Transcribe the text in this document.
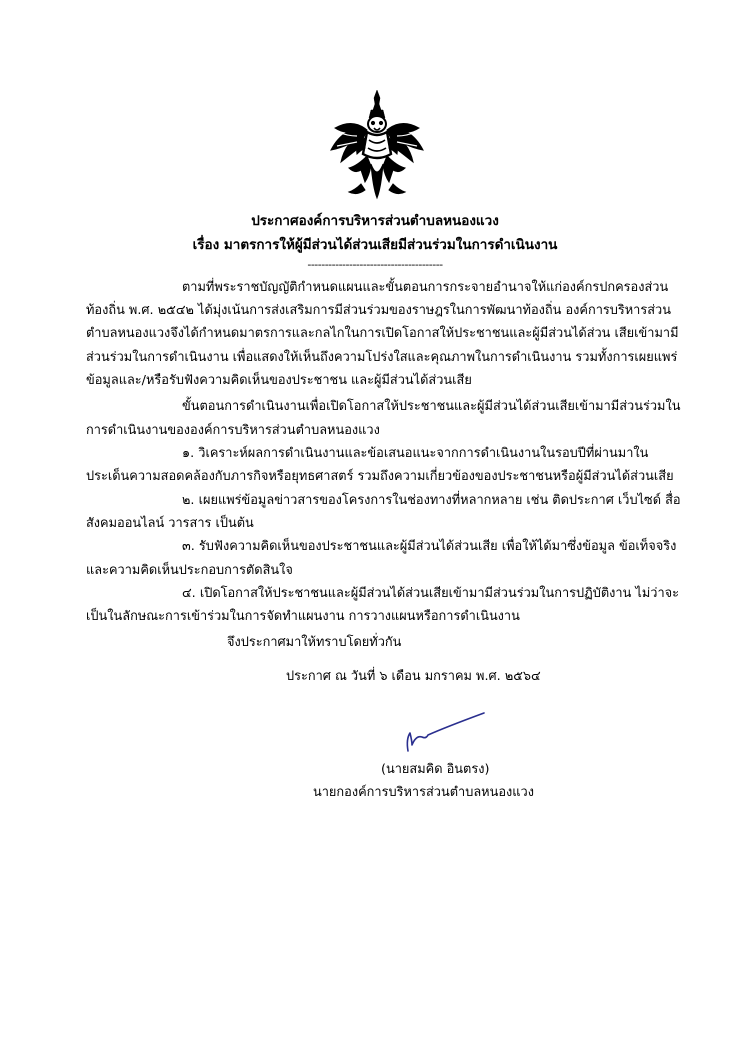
ประกาศองค์การบริหารส่วนตำบลหนองแวง
เรื่อง มาตรการให้ผู้มีส่วนได้ส่วนเสียมีส่วนร่วมในการดำเนินงาน
---------------------------------------
ตามที่พระราชบัญญัติกำหนดแผนและขั้นตอนการกระจายอำนาจให้แก่องค์กรปกครองส่วน
ท้องถิ่น พ.ศ. ๒๕๔๒ ได้มุ่งเน้นการส่งเสริมการมีส่วนร่วมของราษฎรในการพัฒนาท้องถิ่น องค์การบริหารส่วน
ตำบลหนองแวงจึงได้กำหนดมาตรการและกลไกในการเปิดโอกาสให้ประชาชนและผู้มีส่วนได้ส่วน เสียเข้ามามี
ส่วนร่วมในการดำเนินงาน เพื่อแสดงให้เห็นถึงความโปร่งใสและคุณภาพในการดำเนินงาน รวมทั้งการเผยแพร่
ข้อมูลและ/หรือรับฟังความคิดเห็นของประชาชน และผู้มีส่วนได้ส่วนเสีย
ขั้นตอนการดำเนินงานเพื่อเปิดโอกาสให้ประชาชนและผู้มีส่วนได้ส่วนเสียเข้ามามีส่วนร่วมใน
การดำเนินงานขององค์การบริหารส่วนตำบลหนองแวง
๑. วิเคราะห์ผลการดำเนินงานและข้อเสนอแนะจากการดำเนินงานในรอบปีที่ผ่านมาใน
ประเด็นความสอดคล้องกับภารกิจหรือยุทธศาสตร์ รวมถึงความเกี่ยวข้องของประชาชนหรือผู้มีส่วนได้ส่วนเสีย
๒. เผยแพร่ข้อมูลข่าวสารของโครงการในช่องทางที่หลากหลาย เช่น ติดประกาศ เว็บไซด์ สื่อ
สังคมออนไลน์ วารสาร เป็นต้น
๓. รับฟังความคิดเห็นของประชาชนและผู้มีส่วนได้ส่วนเสีย เพื่อให้ได้มาซึ่งข้อมูล ข้อเท็จจริง
และความคิดเห็นประกอบการตัดสินใจ
๔. เปิดโอกาสให้ประชาชนและผู้มีส่วนได้ส่วนเสียเข้ามามีส่วนร่วมในการปฏิบัติงาน ไม่ว่าจะ
เป็นในลักษณะการเข้าร่วมในการจัดทำแผนงาน การวางแผนหรือการดำเนินงาน
จึงประกาศมาให้ทราบโดยทั่วกัน
ประกาศ ณ วันที่ ๖ เดือน มกราคม พ.ศ. ๒๕๖๔
(นายสมคิด อินตรง)
นายกองค์การบริหารส่วนตำบลหนองแวง
